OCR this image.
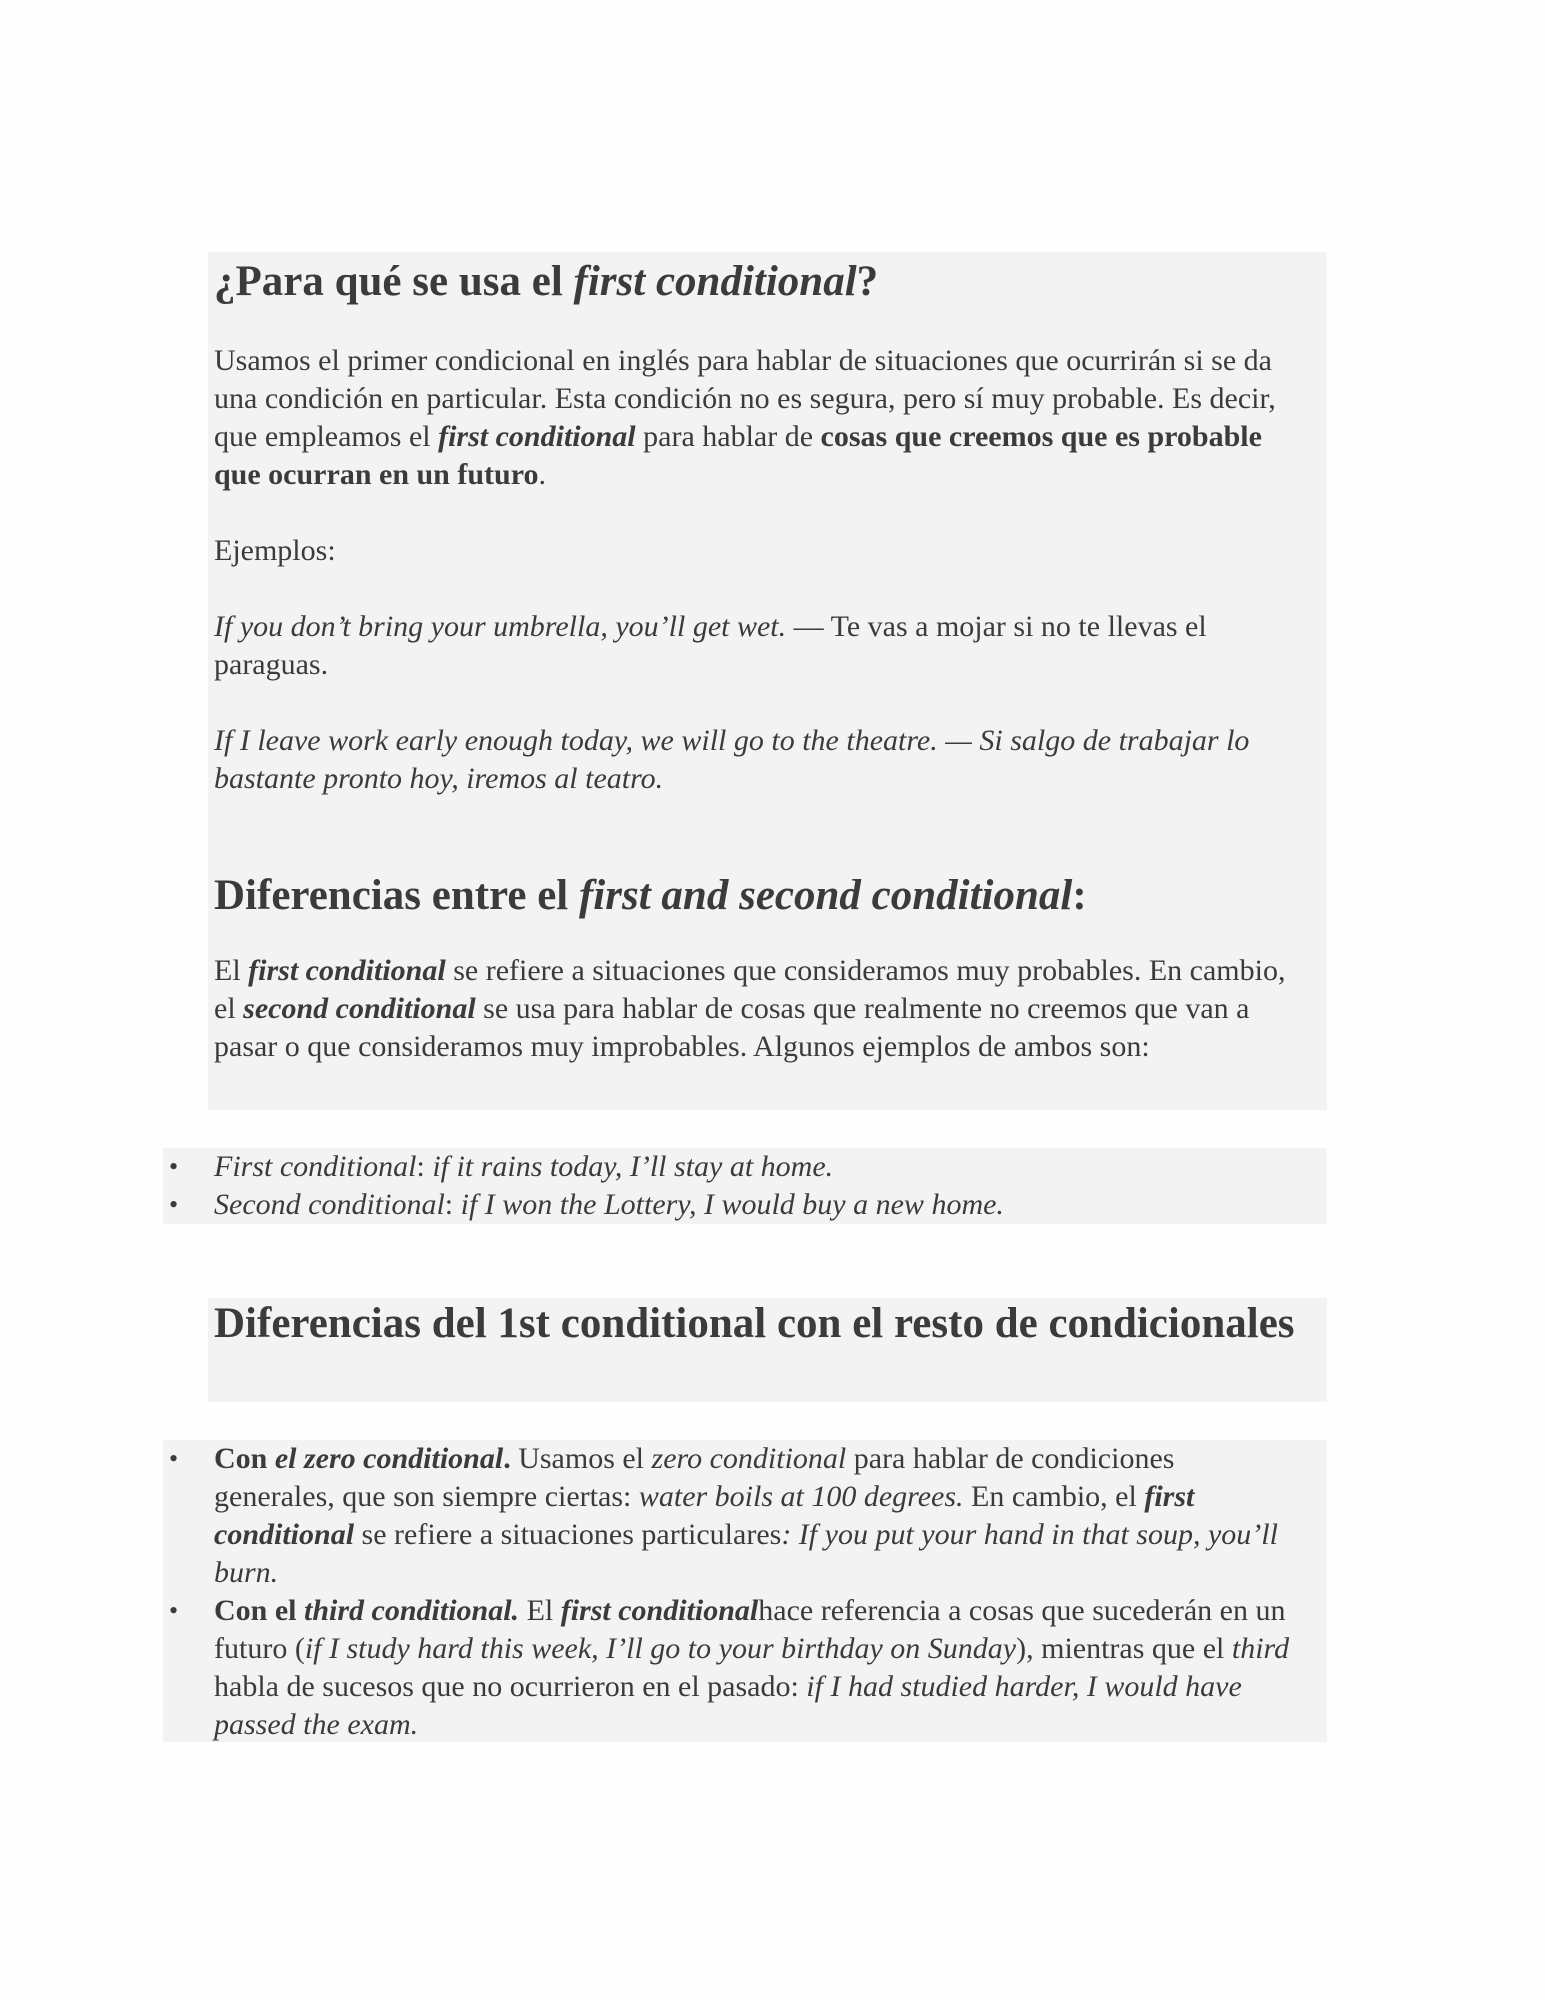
¿Para qué se usa el first conditional?

Usamos el primer condicional en inglés para hablar de situaciones que ocurrirán si se da una condición en particular. Esta condición no es segura, pero sí muy probable. Es decir, que empleamos el first conditional para hablar de cosas que creemos que es probable que ocurran en un futuro.

Ejemplos:

If you don’t bring your umbrella, you’ll get wet. — Te vas a mojar si no te llevas el paraguas.

If I leave work early enough today, we will go to the theatre. — Si salgo de trabajar lo bastante pronto hoy, iremos al teatro.

Diferencias entre el first and second conditional:

El first conditional se refiere a situaciones que consideramos muy probables. En cambio, el second conditional se usa para hablar de cosas que realmente no creemos que van a pasar o que consideramos muy improbables. Algunos ejemplos de ambos son:

• First conditional: if it rains today, I’ll stay at home.
• Second conditional: if I won the Lottery, I would buy a new home.
Diferencias del 1st conditional con el resto de condicionales
• Con el zero conditional. Usamos el zero conditional para hablar de condiciones generales, que son siempre ciertas: water boils at 100 degrees. En cambio, el first conditional se refiere a situaciones particulares: If you put your hand in that soup, you’ll burn.
• Con el third conditional. El first conditionalhace referencia a cosas que sucederán en un futuro (if I study hard this week, I’ll go to your birthday on Sunday), mientras que el third habla de sucesos que no ocurrieron en el pasado: if I had studied harder, I would have passed the exam.
